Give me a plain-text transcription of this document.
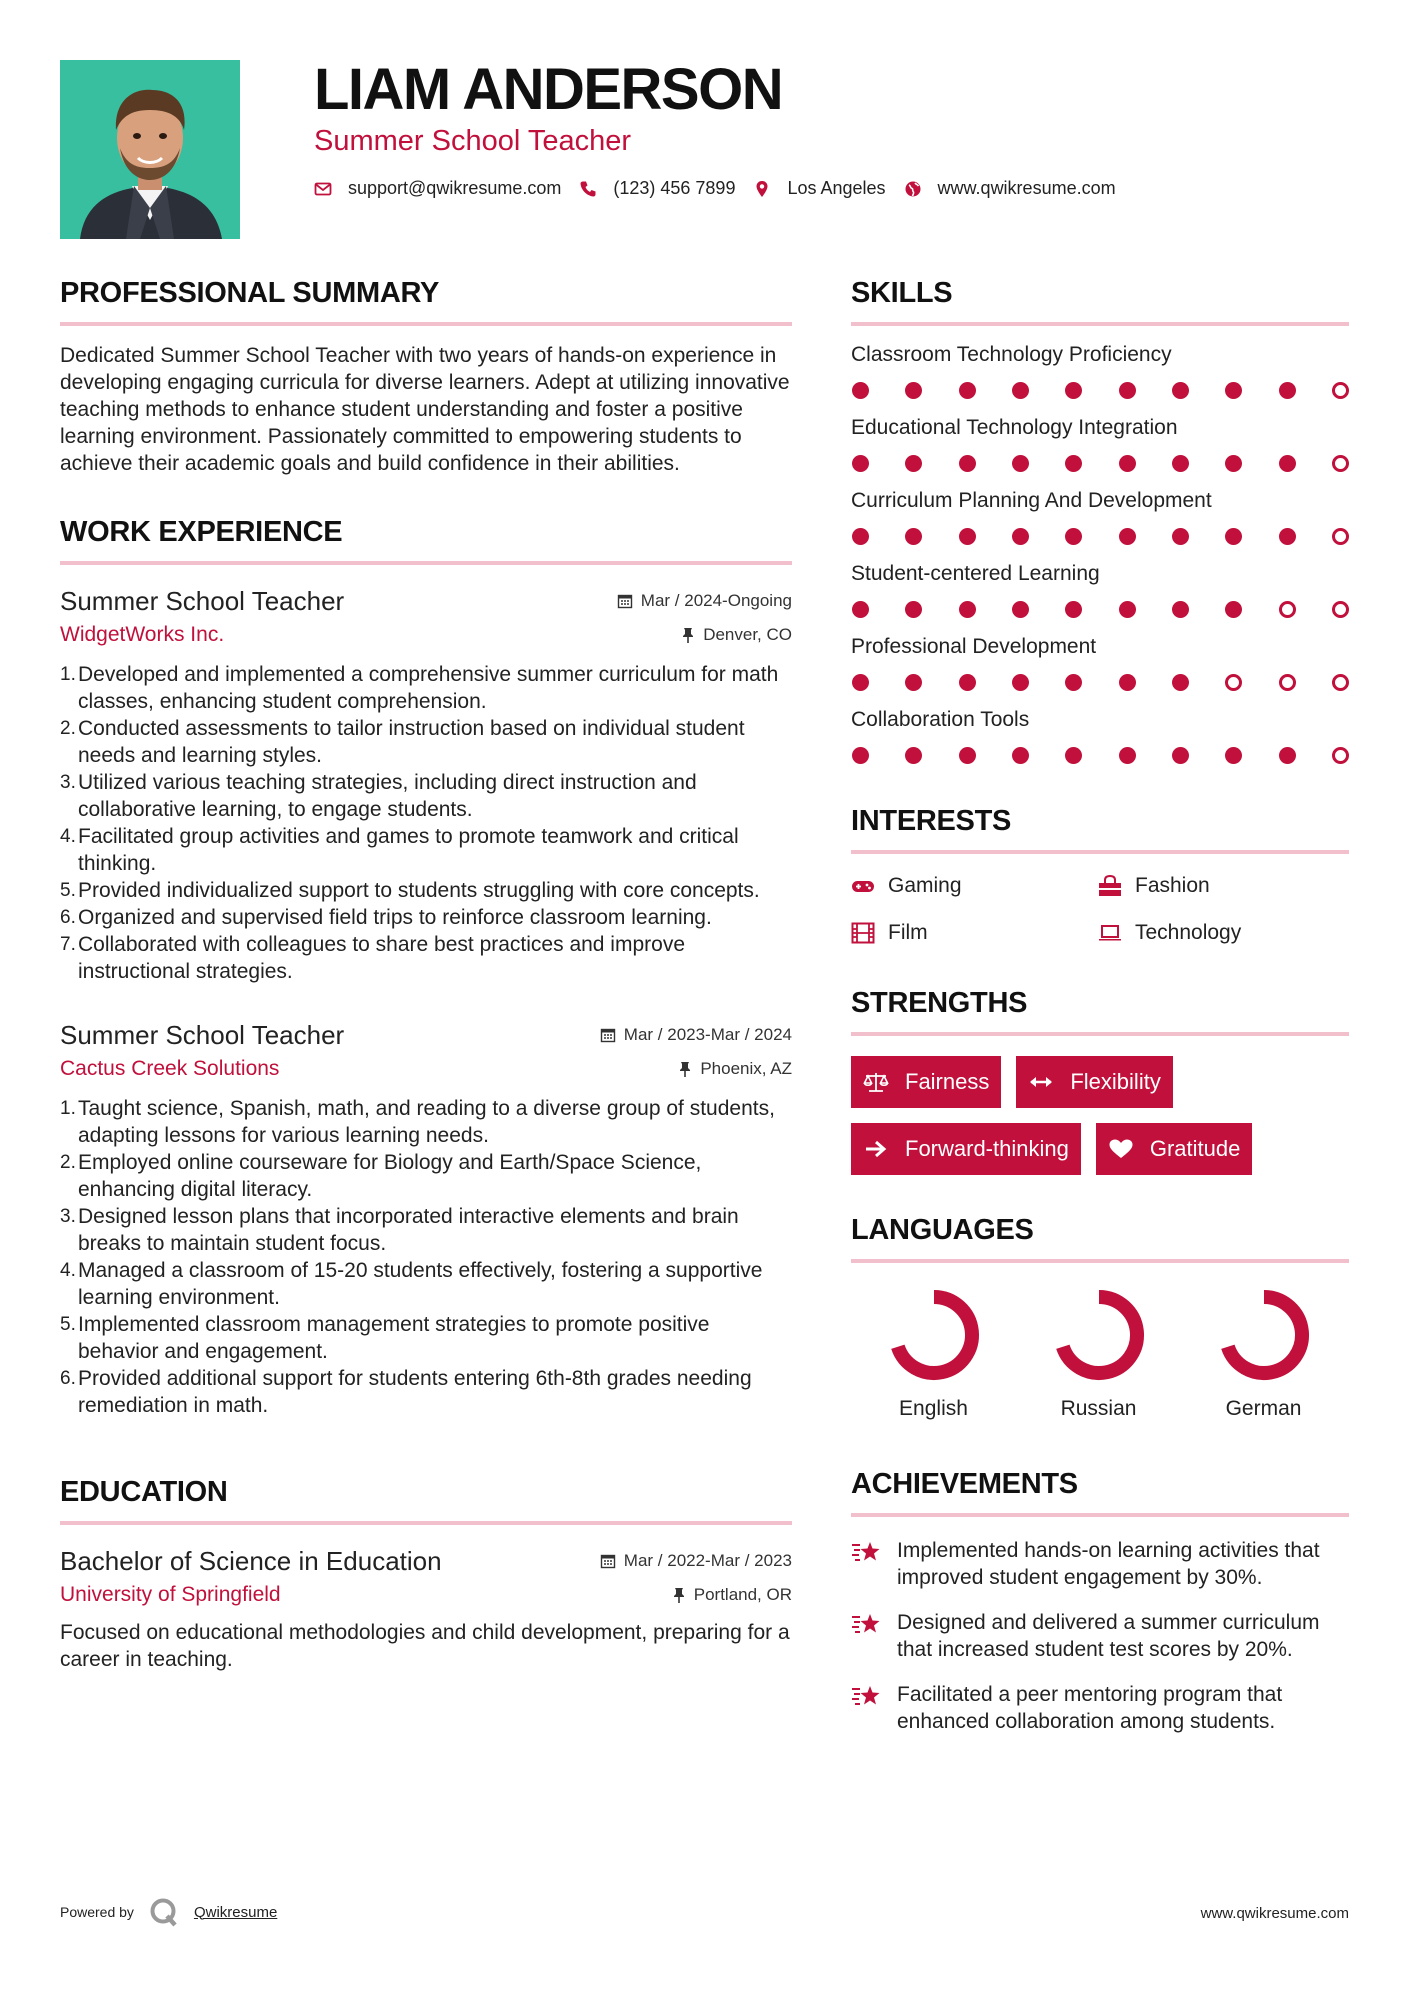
LIAM ANDERSON
Summer School Teacher
support@qwikresume.com	(123) 456 7899	Los Angeles	www.qwikresume.com
PROFESSIONAL SUMMARY

Dedicated Summer School Teacher with two years of hands-on experience in developing engaging curricula for diverse learners. Adept at utilizing innovative teaching methods to enhance student understanding and foster a positive learning environment. Passionately committed to empowering students to achieve their academic goals and build confidence in their abilities.

WORK EXPERIENCE
Summer School Teacher	Mar / 2024-Ongoing
WidgetWorks Inc.	Denver, CO
1. Developed and implemented a comprehensive summer curriculum for math classes, enhancing student comprehension.
2. Conducted assessments to tailor instruction based on individual student needs and learning styles.
3. Utilized various teaching strategies, including direct instruction and collaborative learning, to engage students.
4. Facilitated group activities and games to promote teamwork and critical thinking.
5. Provided individualized support to students struggling with core concepts.
6. Organized and supervised field trips to reinforce classroom learning.
7. Collaborated with colleagues to share best practices and improve instructional strategies.
Summer School Teacher	Mar / 2023-Mar / 2024
Cactus Creek Solutions	Phoenix, AZ
1. Taught science, Spanish, math, and reading to a diverse group of students, adapting lessons for various learning needs.
2. Employed online courseware for Biology and Earth/Space Science, enhancing digital literacy.
3. Designed lesson plans that incorporated interactive elements and brain breaks to maintain student focus.
4. Managed a classroom of 15-20 students effectively, fostering a supportive learning environment.
5. Implemented classroom management strategies to promote positive behavior and engagement.
6. Provided additional support for students entering 6th-8th grades needing remediation in math.
EDUCATION
Bachelor of Science in Education	Mar / 2022-Mar / 2023
University of Springfield	Portland, OR

Focused on educational methodologies and child development, preparing for a career in teaching.

SKILLS
Classroom Technology Proficiency
Educational Technology Integration
Curriculum Planning And Development
Student-centered Learning
Professional Development
Collaboration Tools
INTERESTS
Gaming	Fashion
Film	Technology
STRENGTHS
Fairness	Flexibility
Forward-thinking	Gratitude
LANGUAGES
English	Russian	German
ACHIEVEMENTS
Implemented hands-on learning activities that improved student engagement by 30%.
Designed and delivered a summer curriculum that increased student test scores by 20%.
Facilitated a peer mentoring program that enhanced collaboration among students.
Powered by	Qwikresume	www.qwikresume.com
